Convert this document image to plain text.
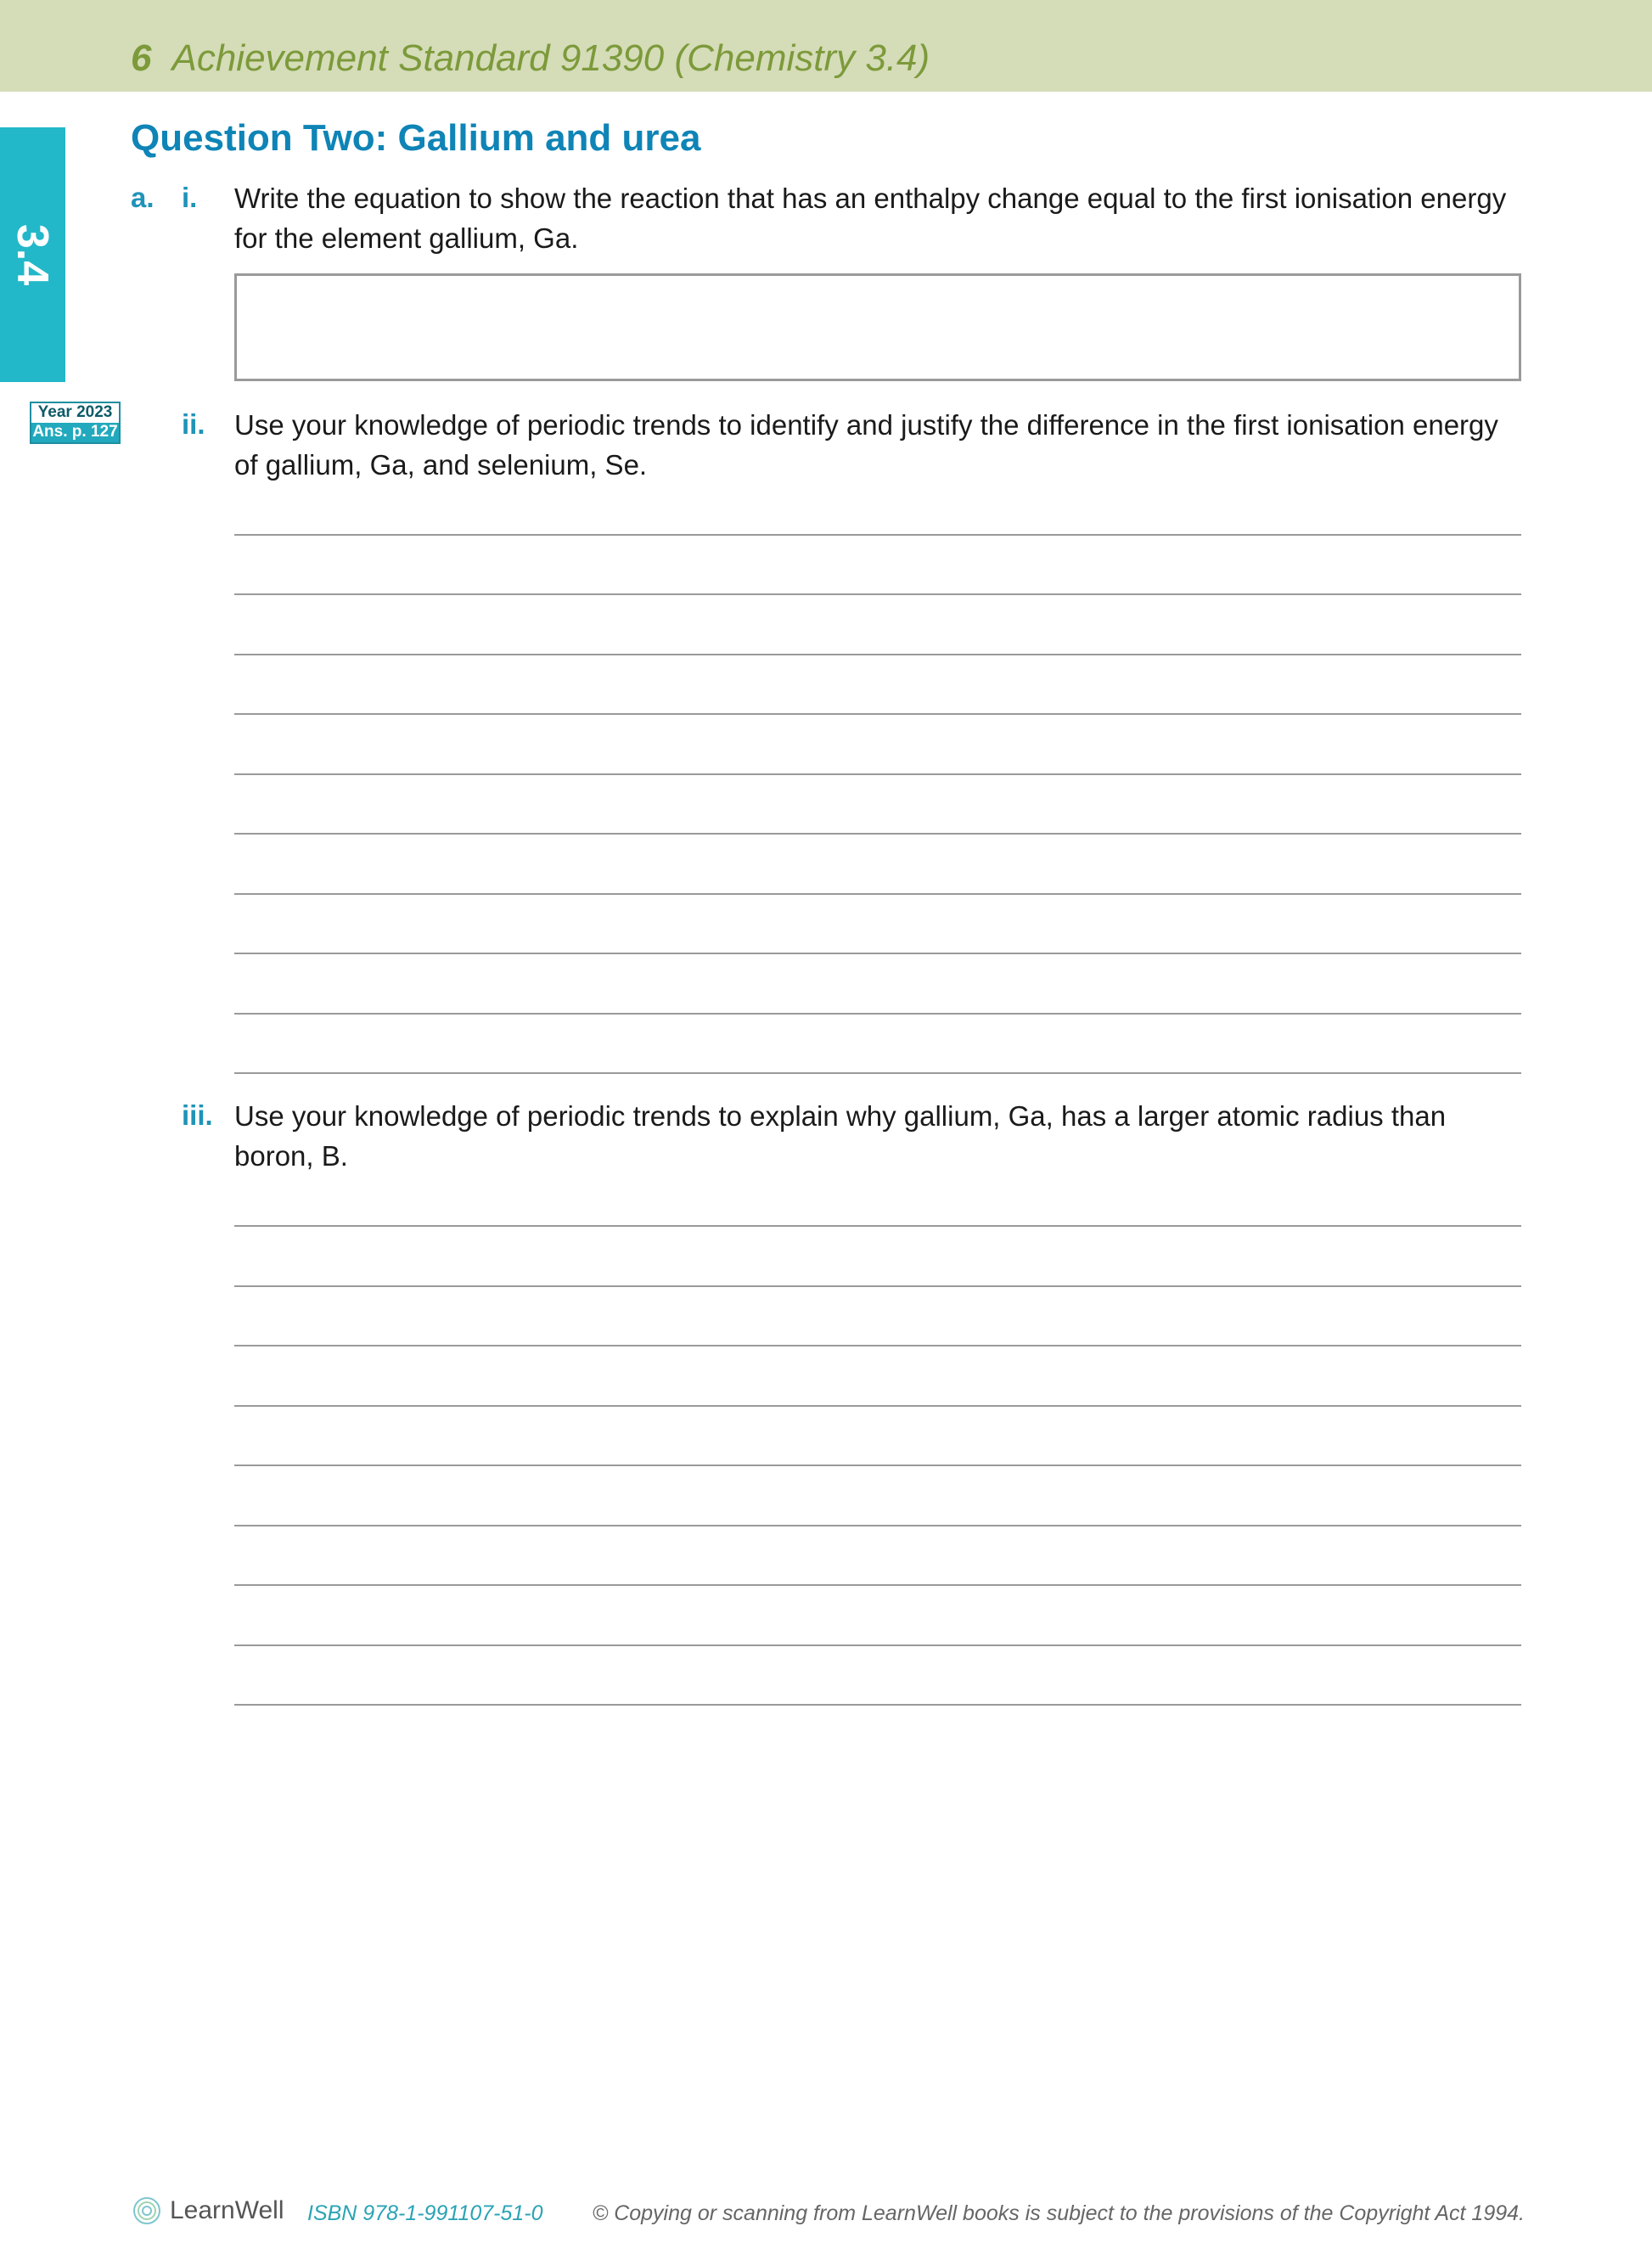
6 Achievement Standard 91390 (Chemistry 3.4)
3.4
Year 2023
Ans. p. 127
Question Two: Gallium and urea
a. i. Write the equation to show the reaction that has an enthalpy change equal to the first ionisation energy for the element gallium, Ga.
ii. Use your knowledge of periodic trends to identify and justify the difference in the first ionisation energy of gallium, Ga, and selenium, Se.
iii. Use your knowledge of periodic trends to explain why gallium, Ga, has a larger atomic radius than boron, B.
LearnWell ISBN 978-1-991107-51-0 © Copying or scanning from LearnWell books is subject to the provisions of the Copyright Act 1994.
